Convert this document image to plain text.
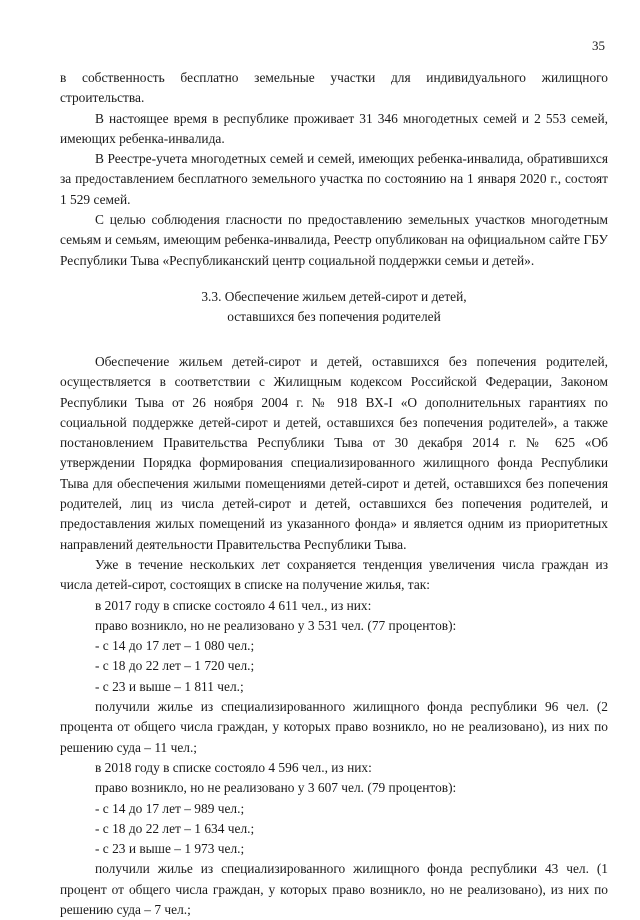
35

в собственность бесплатно земельные участки для индивидуального жилищного строительства.

В настоящее время в республике проживает 31 346 многодетных семей и 2 553 семей, имеющих ребенка-инвалида.

В Реестре-учета многодетных семей и семей, имеющих ребенка-инвалида, обратившихся за предоставлением бесплатного земельного участка по состоянию на 1 января 2020 г., состоят 1 529 семей.

С целью соблюдения гласности по предоставлению земельных участков многодетным семьям и семьям, имеющим ребенка-инвалида, Реестр опубликован на официальном сайте ГБУ Республики Тыва «Республиканский центр социальной поддержки семьи и детей».

3.3. Обеспечение жильем детей-сирот и детей,
оставшихся без попечения родителей

Обеспечение жильем детей-сирот и детей, оставшихся без попечения родителей, осуществляется в соответствии с Жилищным кодексом Российской Федерации, Законом Республики Тыва от 26 ноября 2004 г. № 918 ВХ-I «О дополнительных гарантиях по социальной поддержке детей-сирот и детей, оставшихся без попечения родителей», а также постановлением Правительства Республики Тыва от 30 декабря 2014 г. № 625 «Об утверждении Порядка формирования специализированного жилищного фонда Республики Тыва для обеспечения жилыми помещениями детей-сирот и детей, оставшихся без попечения родителей, лиц из числа детей-сирот и детей, оставшихся без попечения родителей, и предоставления жилых помещений из указанного фонда» и является одним из приоритетных направлений деятельности Правительства Республики Тыва.

Уже в течение нескольких лет сохраняется тенденция увеличения числа граждан из числа детей-сирот, состоящих в списке на получение жилья, так:

в 2017 году в списке состояло 4 611 чел., из них:

право возникло, но не реализовано у 3 531 чел. (77 процентов):

- с 14 до 17 лет – 1 080 чел.;

- с 18 до 22 лет – 1 720 чел.;

- с 23 и выше – 1 811 чел.;

получили жилье из специализированного жилищного фонда республики 96 чел. (2 процента от общего числа граждан, у которых право возникло, но не реализовано), из них по решению суда – 11 чел.;

в 2018 году в списке состояло 4 596 чел., из них:

право возникло, но не реализовано у 3 607 чел. (79 процентов):

- с 14 до 17 лет – 989 чел.;

- с 18 до 22 лет – 1 634 чел.;

- с 23 и выше – 1 973 чел.;

получили жилье из специализированного жилищного фонда республики 43 чел. (1 процент от общего числа граждан, у которых право возникло, но не реализовано), из них по решению суда – 7 чел.;
